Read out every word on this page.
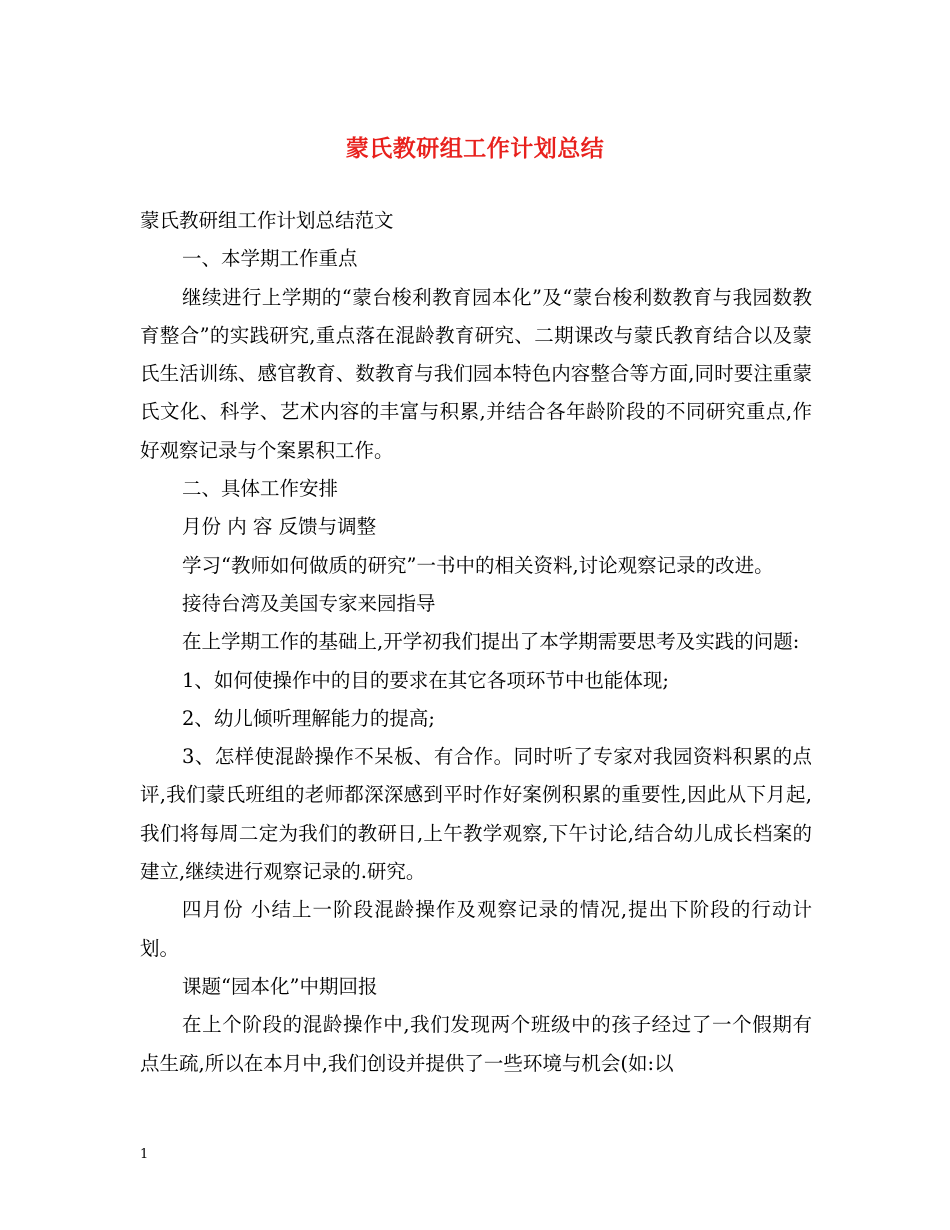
蒙氏教研组工作计划总结

蒙氏教研组工作计划总结范文

一、本学期工作重点

继续进行上学期的“蒙台梭利教育园本化”及“蒙台梭利数教育与我园数教育整合”的实践研究,重点落在混龄教育研究、二期课改与蒙氏教育结合以及蒙氏生活训练、感官教育、数教育与我们园本特色内容整合等方面,同时要注重蒙氏文化、科学、艺术内容的丰富与积累,并结合各年龄阶段的不同研究重点,作好观察记录与个案累积工作。

二、具体工作安排

月份 内 容 反馈与调整

学习“教师如何做质的研究”一书中的相关资料,讨论观察记录的改进。

接待台湾及美国专家来园指导

在上学期工作的基础上,开学初我们提出了本学期需要思考及实践的问题:

1、如何使操作中的目的要求在其它各项环节中也能体现;

2、幼儿倾听理解能力的提高;

3、怎样使混龄操作不呆板、有合作。同时听了专家对我园资料积累的点评,我们蒙氏班组的老师都深深感到平时作好案例积累的重要性,因此从下月起,我们将每周二定为我们的教研日,上午教学观察,下午讨论,结合幼儿成长档案的建立,继续进行观察记录的.研究。

四月份 小结上一阶段混龄操作及观察记录的情况,提出下阶段的行动计划。

课题“园本化”中期回报

在上个阶段的混龄操作中,我们发现两个班级中的孩子经过了一个假期有点生疏,所以在本月中,我们创设并提供了一些环境与机会(如:以

1
